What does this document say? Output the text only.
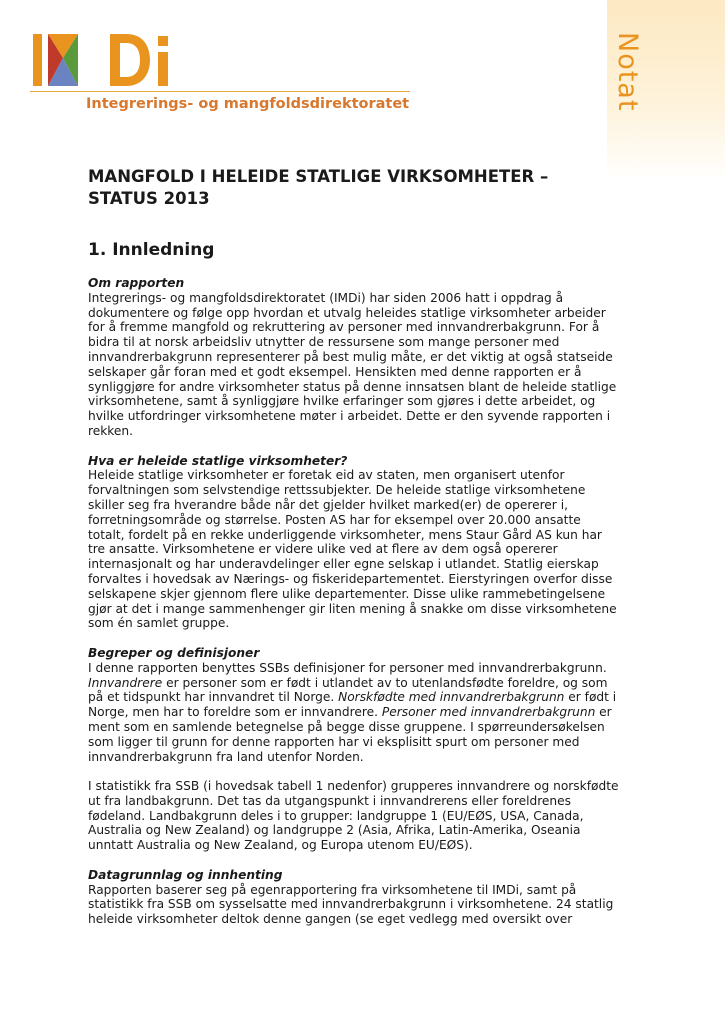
Notat
Integrerings- og mangfoldsdirektoratet
MANGFOLD I HELEIDE STATLIGE VIRKSOMHETER – STATUS 2013
1. Innledning

Om rapporten

Integrerings- og mangfoldsdirektoratet (IMDi) har siden 2006 hatt i oppdrag å dokumentere og følge opp hvordan et utvalg heleides statlige virksomheter arbeider for å fremme mangfold og rekruttering av personer med innvandrerbakgrunn. For å bidra til at norsk arbeidsliv utnytter de ressursene som mange personer med innvandrerbakgrunn representerer på best mulig måte, er det viktig at også statseide selskaper går foran med et godt eksempel. Hensikten med denne rapporten er å synliggjøre for andre virksomheter status på denne innsatsen blant de heleide statlige virksomhetene, samt å synliggjøre hvilke erfaringer som gjøres i dette arbeidet, og hvilke utfordringer virksomhetene møter i arbeidet. Dette er den syvende rapporten i rekken.

Hva er heleide statlige virksomheter?

Heleide statlige virksomheter er foretak eid av staten, men organisert utenfor forvaltningen som selvstendige rettssubjekter. De heleide statlige virksomhetene skiller seg fra hverandre både når det gjelder hvilket marked(er) de opererer i, forretningsområde og størrelse. Posten AS har for eksempel over 20.000 ansatte totalt, fordelt på en rekke underliggende virksomheter, mens Staur Gård AS kun har tre ansatte. Virksomhetene er videre ulike ved at flere av dem også opererer internasjonalt og har underavdelinger eller egne selskap i utlandet. Statlig eierskap forvaltes i hovedsak av Nærings- og fiskeridepartementet. Eierstyringen overfor disse selskapene skjer gjennom flere ulike departementer. Disse ulike rammebetingelsene gjør at det i mange sammenhenger gir liten mening å snakke om disse virksomhetene som én samlet gruppe.

Begreper og definisjoner

I denne rapporten benyttes SSBs definisjoner for personer med innvandrerbakgrunn. Innvandrere er personer som er født i utlandet av to utenlandsfødte foreldre, og som på et tidspunkt har innvandret til Norge. Norskfødte med innvandrerbakgrunn er født i Norge, men har to foreldre som er innvandrere. Personer med innvandrerbakgrunn er ment som en samlende betegnelse på begge disse gruppene. I spørreundersøkelsen som ligger til grunn for denne rapporten har vi eksplisitt spurt om personer med innvandrerbakgrunn fra land utenfor Norden.

I statistikk fra SSB (i hovedsak tabell 1 nedenfor) grupperes innvandrere og norskfødte ut fra landbakgrunn. Det tas da utgangspunkt i innvandrerens eller foreldrenes fødeland. Landbakgrunn deles i to grupper: landgruppe 1 (EU/EØS, USA, Canada, Australia og New Zealand) og landgruppe 2 (Asia, Afrika, Latin-Amerika, Oseania unntatt Australia og New Zealand, og Europa utenom EU/EØS).

Datagrunnlag og innhenting

Rapporten baserer seg på egenrapportering fra virksomhetene til IMDi, samt på statistikk fra SSB om sysselsatte med innvandrerbakgrunn i virksomhetene. 24 statlig heleide virksomheter deltok denne gangen (se eget vedlegg med oversikt over
